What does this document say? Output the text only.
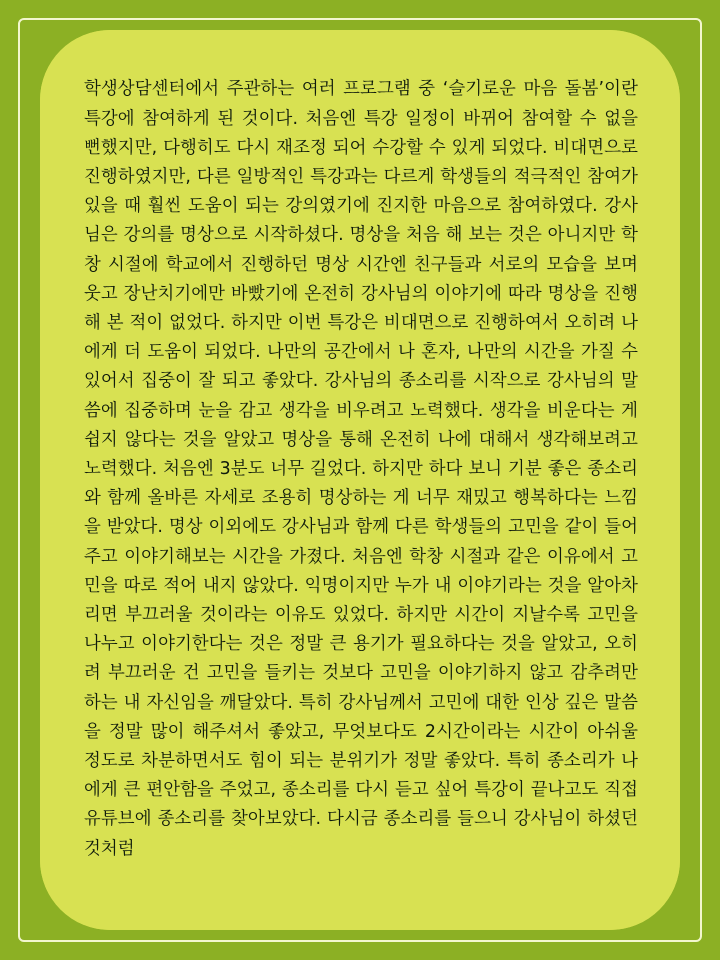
학생상담센터에서 주관하는 여러 프로그램 중 ‘슬기로운 마음 돌봄’이란 특강에 참여하게 된 것이다. 처음엔 특강 일정이 바뀌어 참여할 수 없을 뻔했지만, 다행히도 다시 재조정 되어 수강할 수 있게 되었다. 비대면으로 진행하였지만, 다른 일방적인 특강과는 다르게 학생들의 적극적인 참여가 있을 때 훨씬 도움이 되는 강의였기에 진지한 마음으로 참여하였다. 강사님은 강의를 명상으로 시작하셨다. 명상을 처음 해 보는 것은 아니지만 학창 시절에 학교에서 진행하던 명상 시간엔 친구들과 서로의 모습을 보며 웃고 장난치기에만 바빴기에 온전히 강사님의 이야기에 따라 명상을 진행해 본 적이 없었다. 하지만 이번 특강은 비대면으로 진행하여서 오히려 나에게 더 도움이 되었다. 나만의 공간에서 나 혼자, 나만의 시간을 가질 수 있어서 집중이 잘 되고 좋았다. 강사님의 종소리를 시작으로 강사님의 말씀에 집중하며 눈을 감고 생각을 비우려고 노력했다. 생각을 비운다는 게 쉽지 않다는 것을 알았고 명상을 통해 온전히 나에 대해서 생각해보려고 노력했다. 처음엔 3분도 너무 길었다. 하지만 하다 보니 기분 좋은 종소리와 함께 올바른 자세로 조용히 명상하는 게 너무 재밌고 행복하다는 느낌을 받았다. 명상 이외에도 강사님과 함께 다른 학생들의 고민을 같이 들어주고 이야기해보는 시간을 가졌다. 처음엔 학창 시절과 같은 이유에서 고민을 따로 적어 내지 않았다. 익명이지만 누가 내 이야기라는 것을 알아차리면 부끄러울 것이라는 이유도 있었다. 하지만 시간이 지날수록 고민을 나누고 이야기한다는 것은 정말 큰 용기가 필요하다는 것을 알았고, 오히려 부끄러운 건 고민을 들키는 것보다 고민을 이야기하지 않고 감추려만 하는 내 자신임을 깨달았다. 특히 강사님께서 고민에 대한 인상 깊은 말씀을 정말 많이 해주셔서 좋았고, 무엇보다도 2시간이라는 시간이 아쉬울 정도로 차분하면서도 힘이 되는 분위기가 정말 좋았다. 특히 종소리가 나에게 큰 편안함을 주었고, 종소리를 다시 듣고 싶어 특강이 끝나고도 직접 유튜브에 종소리를 찾아보았다. 다시금 종소리를 들으니 강사님이 하셨던 것처럼
